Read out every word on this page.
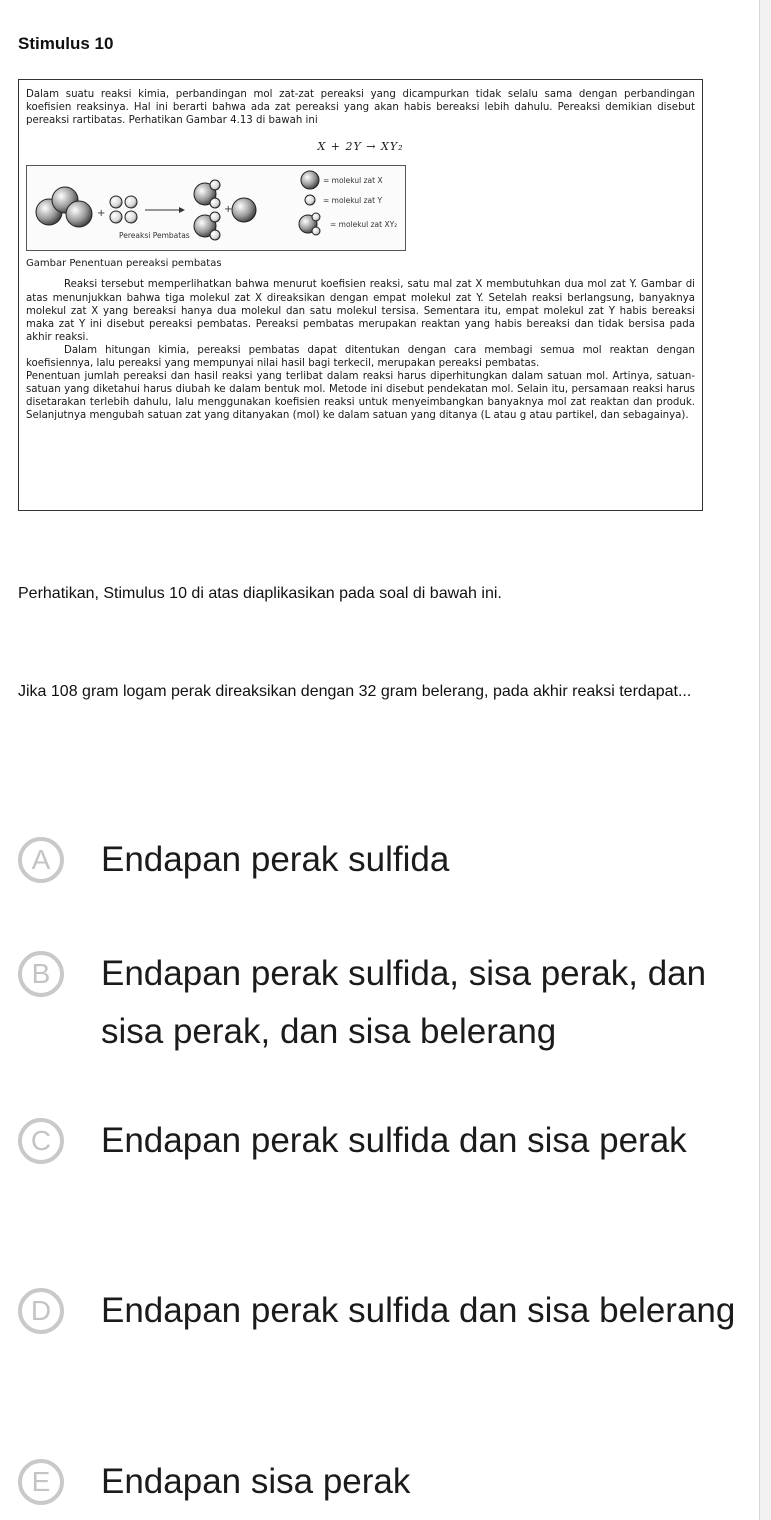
Stimulus 10

Dalam suatu reaksi kimia, perbandingan mol zat-zat pereaksi yang dicampurkan tidak selalu sama dengan perbandingan koefisien reaksinya. Hal ini berarti bahwa ada zat pereaksi yang akan habis bereaksi lebih dahulu. Pereaksi demikian disebut pereaksi rartibatas. Perhatikan Gambar 4.13 di bawah ini

X + 2Y → XY₂
+	+
Pereaksi Pembatas
= molekul zat X
= molekul zat Y
= molekul zat XY₂
Gambar Penentuan pereaksi pembatas

Reaksi tersebut memperlihatkan bahwa menurut koefisien reaksi, satu mal zat X membutuhkan dua mol zat Y. Gambar di atas menunjukkan bahwa tiga molekul zat X direaksikan dengan empat molekul zat Y. Setelah reaksi berlangsung, banyaknya molekul zat X yang bereaksi hanya dua molekul dan satu molekul tersisa. Sementara itu, empat molekul zat Y habis bereaksi maka zat Y ini disebut pereaksi pembatas. Pereaksi pembatas merupakan reaktan yang habis bereaksi dan tidak bersisa pada akhir reaksi.

Dalam hitungan kimia, pereaksi pembatas dapat ditentukan dengan cara membagi semua mol reaktan dengan koefisiennya, lalu pereaksi yang mempunyai nilai hasil bagi terkecil, merupakan pereaksi pembatas.

Penentuan jumlah pereaksi dan hasil reaksi yang terlibat dalam reaksi harus diperhitungkan dalam satuan mol. Artinya, satuan-satuan yang diketahui harus diubah ke dalam bentuk mol. Metode ini disebut pendekatan mol. Selain itu, persamaan reaksi harus disetarakan terlebih dahulu, lalu menggunakan koefisien reaksi untuk menyeimbangkan banyaknya mol zat reaktan dan produk. Selanjutnya mengubah satuan zat yang ditanyakan (mol) ke dalam satuan yang ditanya (L atau g atau partikel, dan sebagainya).

Perhatikan, Stimulus 10 di atas diaplikasikan pada soal di bawah ini.
Jika 108 gram logam perak direaksikan dengan 32 gram belerang, pada akhir reaksi terdapat...
A	Endapan perak sulfida
B	Endapan perak sulfida, sisa perak, dan sisa perak, dan sisa belerang
C	Endapan perak sulfida dan sisa perak
D	Endapan perak sulfida dan sisa belerang
E	Endapan sisa perak
